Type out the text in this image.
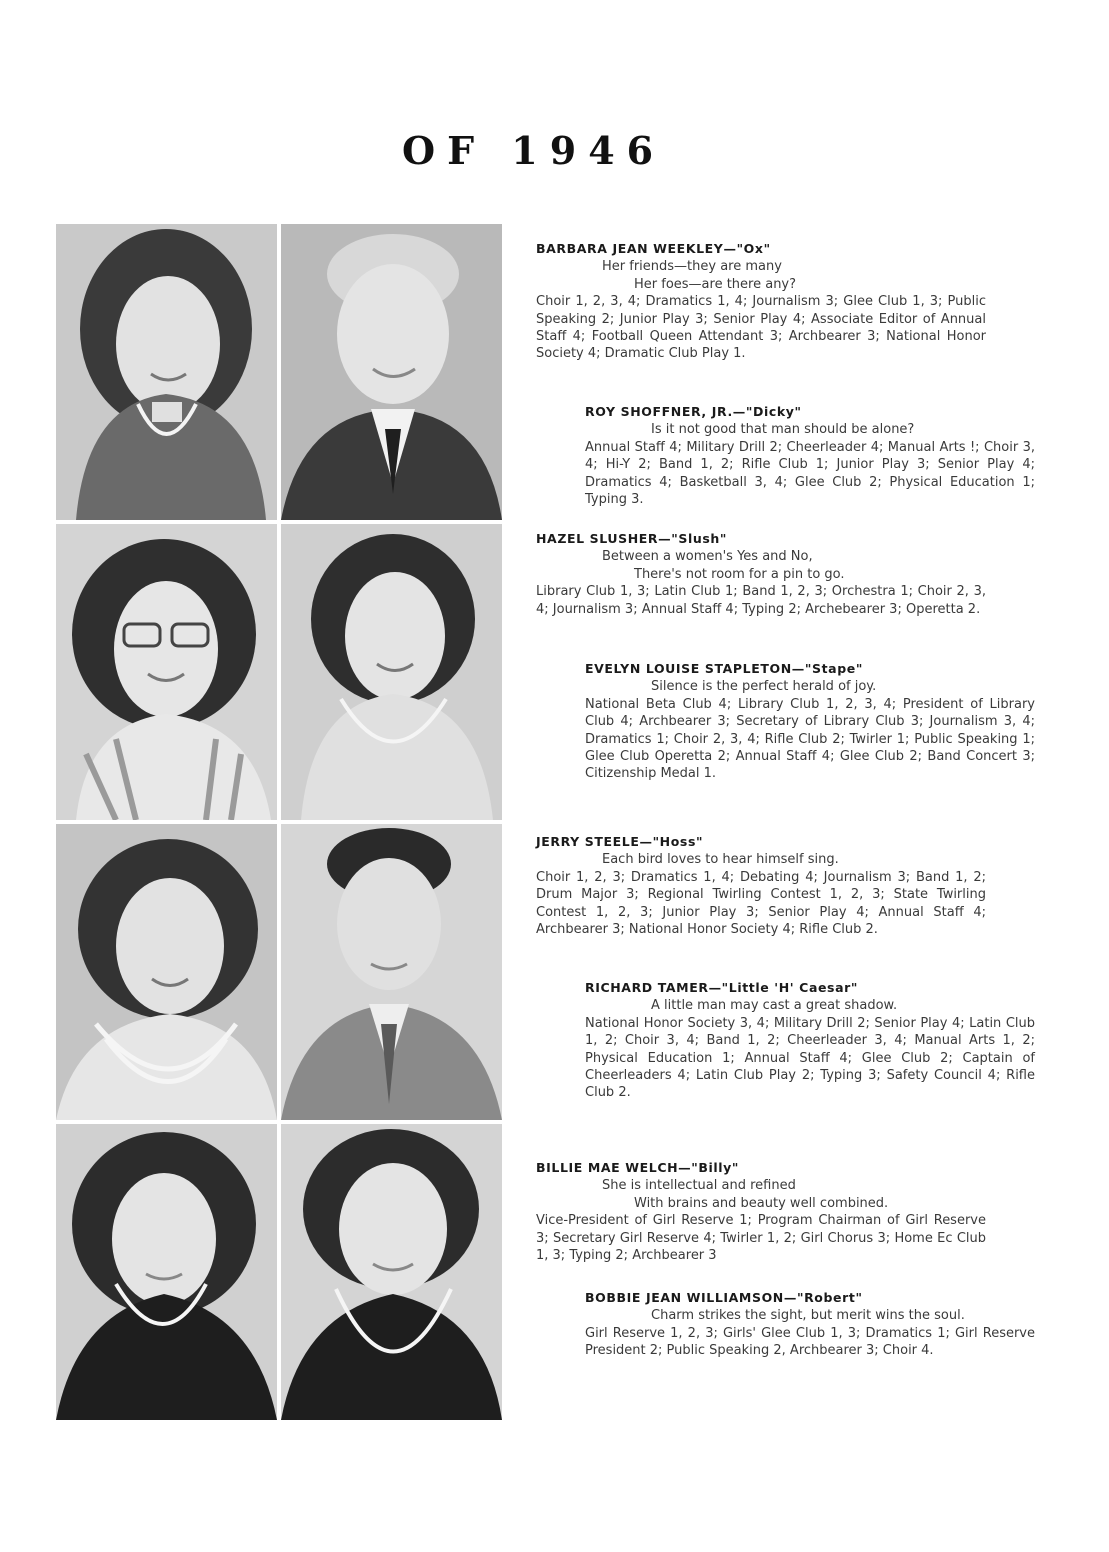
OF 1946
BARBARA JEAN WEEKLEY—"Ox"
Her friends—they are many
Her foes—are there any?
Choir 1, 2, 3, 4; Dramatics 1, 4; Journalism 3; Glee Club 1, 3; Public Speaking 2; Junior Play 3; Senior Play 4; Associate Editor of Annual Staff 4; Football Queen Attendant 3; Archbearer 3; National Honor Society 4; Dramatic Club Play 1.
ROY SHOFFNER, JR.—"Dicky"
Is it not good that man should be alone?
Annual Staff 4; Military Drill 2; Cheerleader 4; Manual Arts !; Choir 3, 4; Hi-Y 2; Band 1, 2; Rifle Club 1; Junior Play 3; Senior Play 4; Dramatics 4; Basketball 3, 4; Glee Club 2; Physical Education 1; Typing 3.
HAZEL SLUSHER—"Slush"
Between a women's Yes and No,
There's not room for a pin to go.
Library Club 1, 3; Latin Club 1; Band 1, 2, 3; Orchestra 1; Choir 2, 3, 4; Journalism 3; Annual Staff 4; Typing 2; Archebearer 3; Operetta 2.
EVELYN LOUISE STAPLETON—"Stape"
Silence is the perfect herald of joy.
National Beta Club 4; Library Club 1, 2, 3, 4; President of Library Club 4; Archbearer 3; Secretary of Library Club 3; Journalism 3, 4; Dramatics 1; Choir 2, 3, 4; Rifle Club 2; Twirler 1; Public Speaking 1; Glee Club Operetta 2; Annual Staff 4; Glee Club 2; Band Concert 3; Citizenship Medal 1.
JERRY STEELE—"Hoss"
Each bird loves to hear himself sing.
Choir 1, 2, 3; Dramatics 1, 4; Debating 4; Journalism 3; Band 1, 2; Drum Major 3; Regional Twirling Contest 1, 2, 3; State Twirling Contest 1, 2, 3; Junior Play 3; Senior Play 4; Annual Staff 4; Archbearer 3; National Honor Society 4; Rifle Club 2.
RICHARD TAMER—"Little 'H' Caesar"
A little man may cast a great shadow.
National Honor Society 3, 4; Military Drill 2; Senior Play 4; Latin Club 1, 2; Choir 3, 4; Band 1, 2; Cheerleader 3, 4; Manual Arts 1, 2; Physical Education 1; Annual Staff 4; Glee Club 2; Captain of Cheerleaders 4; Latin Club Play 2; Typing 3; Safety Council 4; Rifle Club 2.
BILLIE MAE WELCH—"Billy"
She is intellectual and refined
With brains and beauty well combined.
Vice-President of Girl Reserve 1; Program Chairman of Girl Reserve 3; Secretary Girl Reserve 4; Twirler 1, 2; Girl Chorus 3; Home Ec Club 1, 3; Typing 2; Archbearer 3
BOBBIE JEAN WILLIAMSON—"Robert"
Charm strikes the sight, but merit wins the soul.
Girl Reserve 1, 2, 3; Girls' Glee Club 1, 3; Dramatics 1; Girl Reserve President 2; Public Speaking 2, Archbearer 3; Choir 4.
